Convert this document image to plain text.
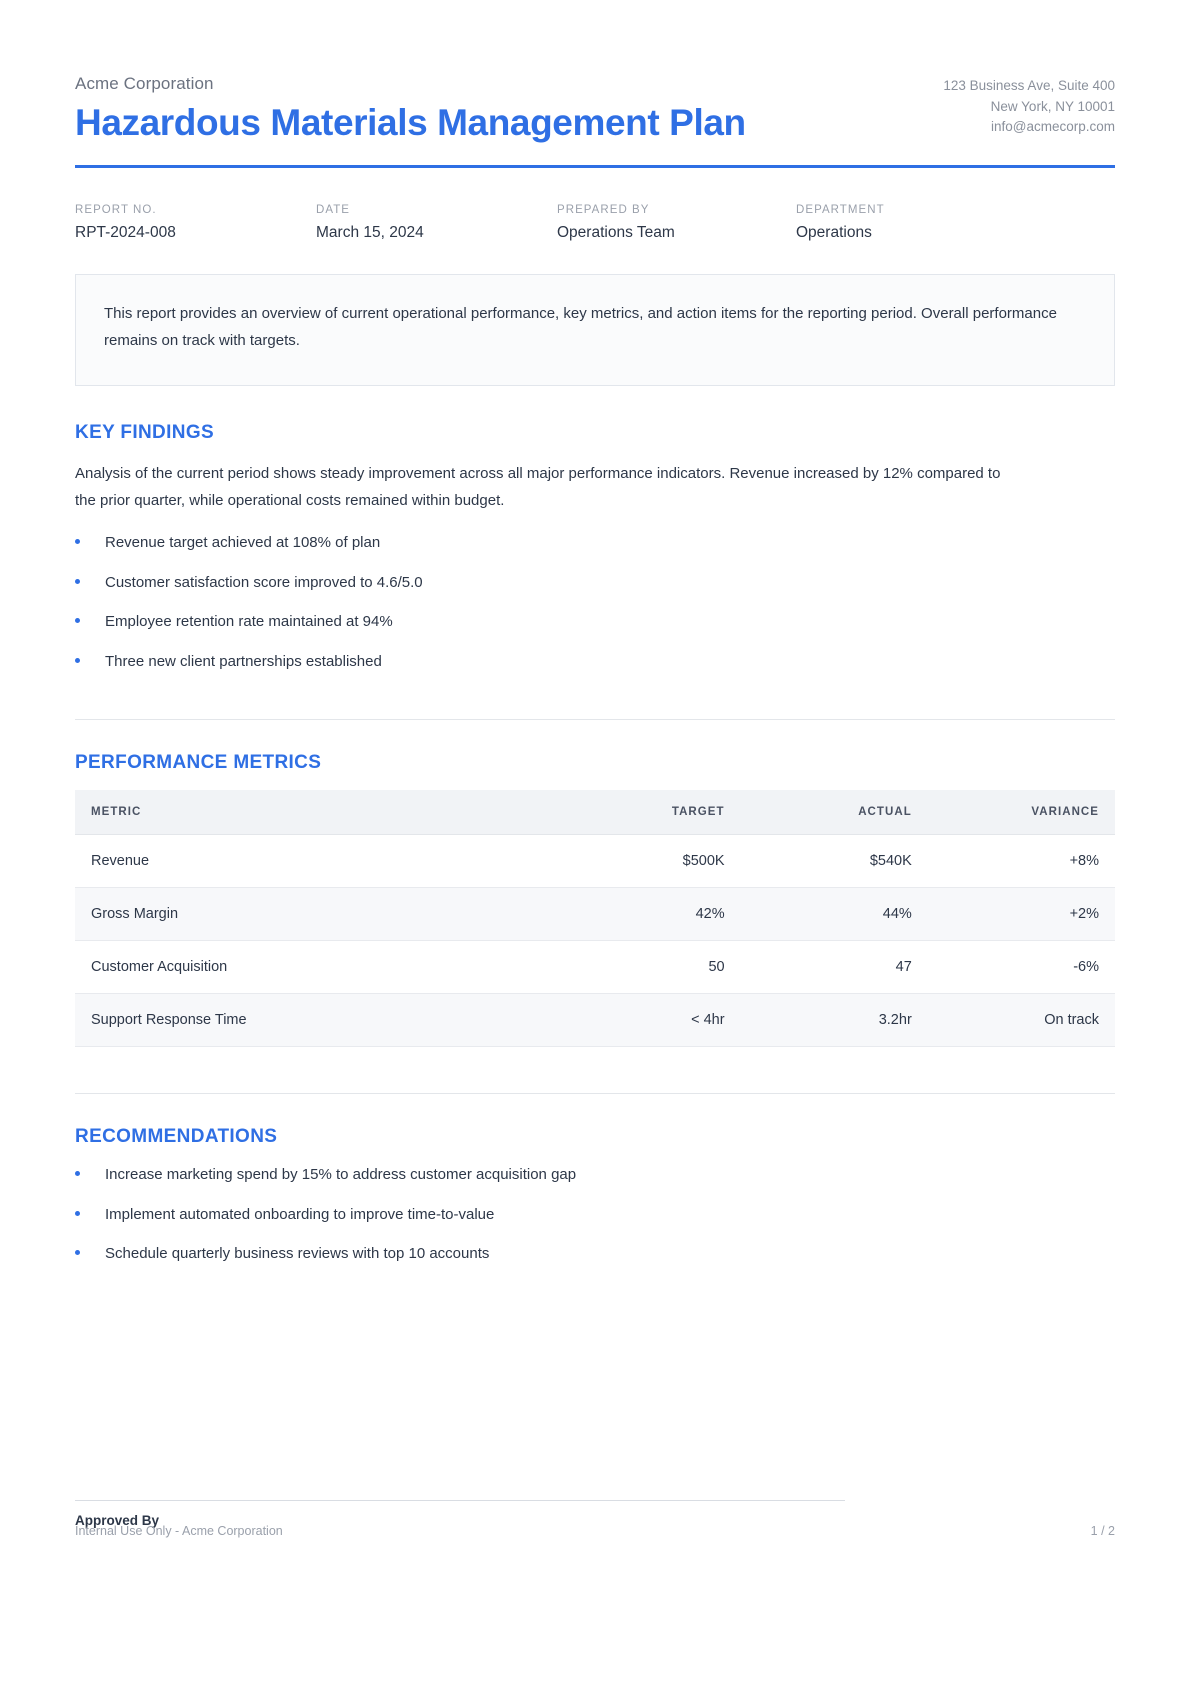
Acme Corporation
Hazardous Materials Management Plan
123 Business Ave, Suite 400
New York, NY 10001
info@acmecorp.com
REPORT NO.
RPT-2024-008
DATE
March 15, 2024
PREPARED BY
Operations Team
DEPARTMENT
Operations

This report provides an overview of current operational performance, key metrics, and action items for the reporting period. Overall performance remains on track with targets.

KEY FINDINGS

Analysis of the current period shows steady improvement across all major performance indicators. Revenue increased by 12% compared to the prior quarter, while operational costs remained within budget.

Revenue target achieved at 108% of plan
Customer satisfaction score improved to 4.6/5.0
Employee retention rate maintained at 94%
Three new client partnerships established
PERFORMANCE METRICS
METRIC	TARGET	ACTUAL	VARIANCE
Revenue	$500K	$540K	+8%
Gross Margin	42%	44%	+2%
Customer Acquisition	50	47	-6%
Support Response Time	< 4hr	3.2hr	On track
RECOMMENDATIONS
Increase marketing spend by 15% to address customer acquisition gap
Implement automated onboarding to improve time-to-value
Schedule quarterly business reviews with top 10 accounts
Approved By
Internal Use Only - Acme Corporation	1 / 2
